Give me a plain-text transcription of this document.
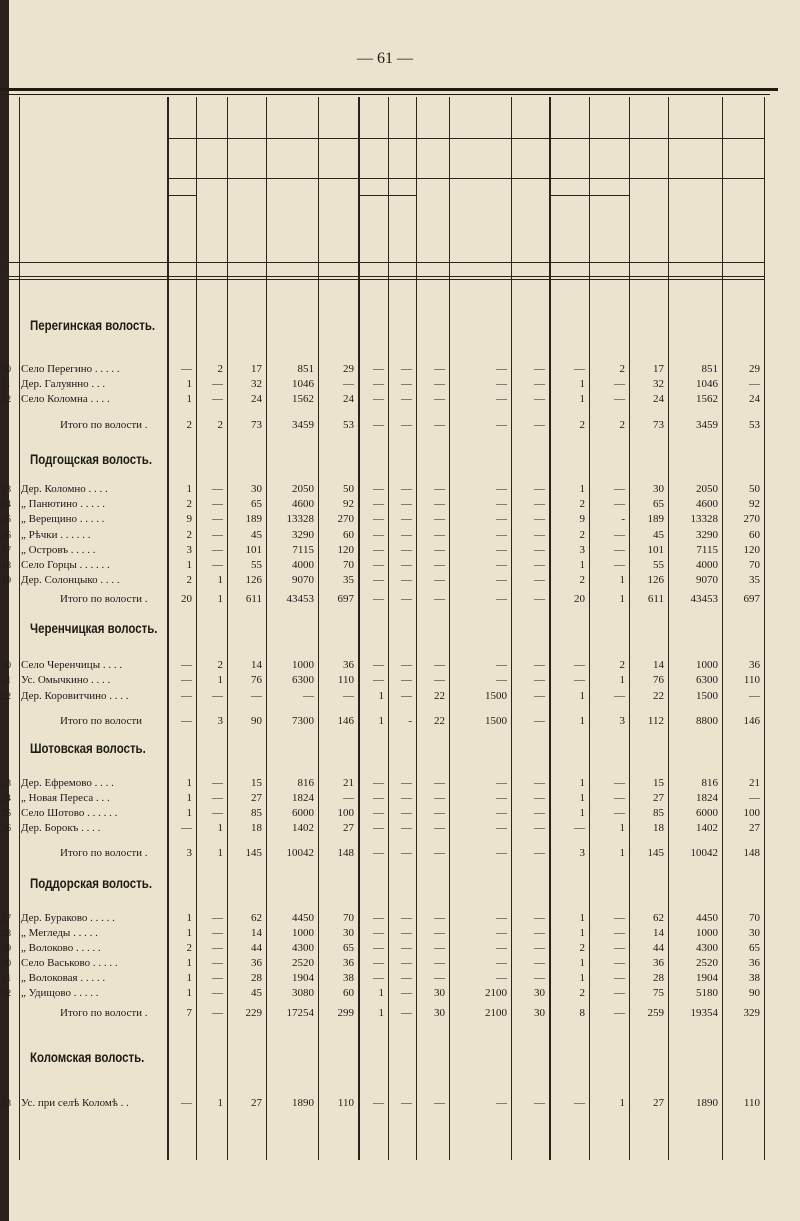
— 61 —
Перегинская волость.
10 Село Перегино . . . . .	—	2	17	851	29	—	—	—	—	—	—	2	17	851	29
11 Дер. Галуянно . . .	1	—	32	1046	—	—	—	—	—	—	1	—	32	1046	—
12 Село Коломна . . . .	1	—	24	1562	24	—	—	—	—	—	1	—	24	1562	24
Итого по волости .	2	2	73	3459	53	—	—	—	—	—	2	2	73	3459	53
Подгощская волость.
13 Дер. Коломно . . . .	1	—	30	2050	50	—	—	—	—	—	1	—	30	2050	50
14 „ Панютино . . . . .	2	—	65	4600	92	—	—	—	—	—	2	—	65	4600	92
15 „ Верещино . . . . .	9	—	189	13328	270	—	—	—	—	—	9	-	189	13328	270
16 „ Рѣчки . . . . . .	2	—	45	3290	60	—	—	—	—	—	2	—	45	3290	60
17 „ Островъ . . . . .	3	—	101	7115	120	—	—	—	—	—	3	—	101	7115	120
18 Село Горцы . . . . . .	1	—	55	4000	70	—	—	—	—	—	1	—	55	4000	70
19 Дер. Солонцыко . . . .	2	1	126	9070	35	—	—	—	—	—	2	1	126	9070	35
Итого по волости .	20	1	611	43453	697	—	—	—	—	—	20	1	611	43453	697
Черенчицкая волость.
20 Село Черенчицы . . . .	—	2	14	1000	36	—	—	—	—	—	—	2	14	1000	36
21 Ус. Омычкино . . . .	—	1	76	6300	110	—	—	—	—	—	—	1	76	6300	110
22 Дер. Коровитчино . . . .	—	—	—	—	—	1	—	22	1500	—	1	—	22	1500	—
Итого по волости	—	3	90	7300	146	1	-	22	1500	—	1	3	112	8800	146
Шотовская волость.
23 Дер. Ефремово . . . .	1	—	15	816	21	—	—	—	—	—	1	—	15	816	21
24 „ Новая Переса . . .	1	—	27	1824	—	—	—	—	—	—	1	—	27	1824	—
25 Село Шотово . . . . . .	1	—	85	6000	100	—	—	—	—	—	1	—	85	6000	100
26 Дер. Борокъ . . . .	—	1	18	1402	27	—	—	—	—	—	—	1	18	1402	27
Итого по волости .	3	1	145	10042	148	—	—	—	—	—	3	1	145	10042	148
Поддорская волость.
27 Дер. Бураково . . . . .	1	—	62	4450	70	—	—	—	—	—	1	—	62	4450	70
28 „ Мегледы . . . . .	1	—	14	1000	30	—	—	—	—	—	1	—	14	1000	30
29 „ Волоково . . . . .	2	—	44	4300	65	—	—	—	—	—	2	—	44	4300	65
30 Село Васьково . . . . .	1	—	36	2520	36	—	—	—	—	—	1	—	36	2520	36
31 „ Волоковая . . . . .	1	—	28	1904	38	—	—	—	—	—	1	—	28	1904	38
32 „ Удищово . . . . .	1	—	45	3080	60	1	—	30	2100	30	2	—	75	5180	90
Итого по волости .	7	—	229	17254	299	1	—	30	2100	30	8	—	259	19354	329
Коломская волость.
33 Ус. при селѣ Коломѣ . .	—	1	27	1890	110	—	—	—	—	—	—	1	27	1890	110
